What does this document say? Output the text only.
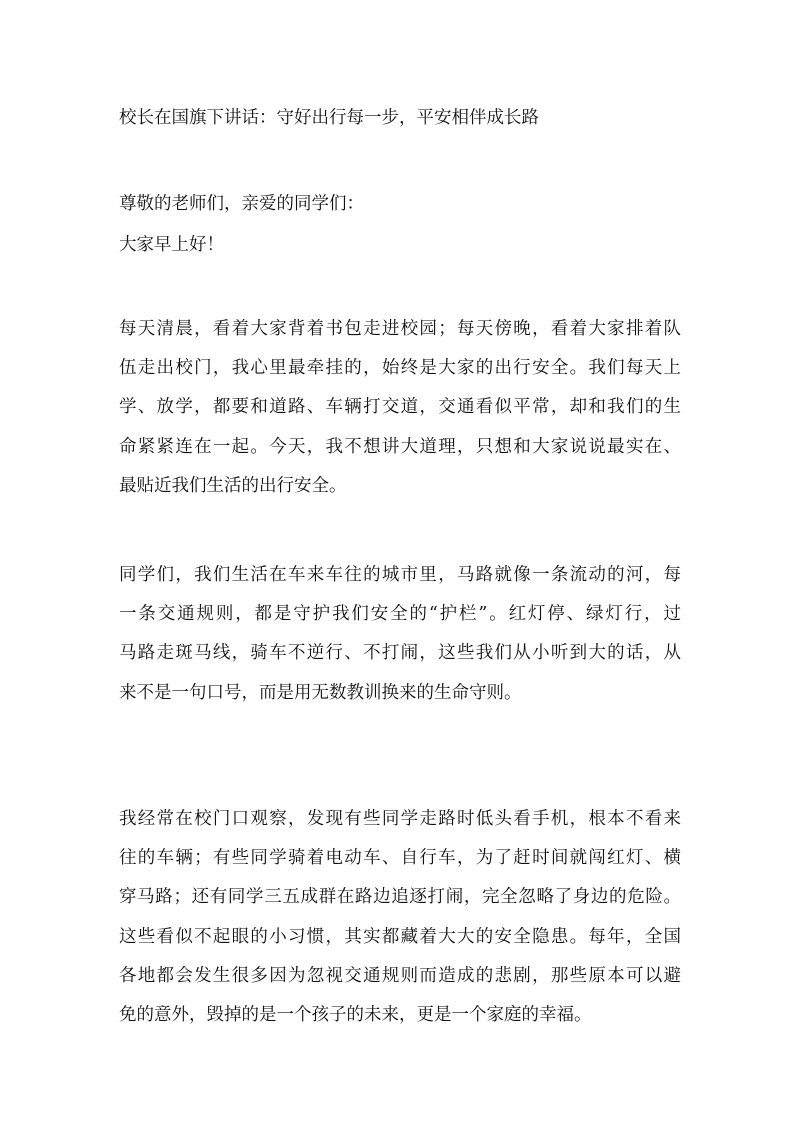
校长在国旗下讲话：守好出行每一步，平安相伴成长路
尊敬的老师们，亲爱的同学们：
大家早上好！
每天清晨，看着大家背着书包走进校园；每天傍晚，看着大家排着队
伍走出校门，我心里最牵挂的，始终是大家的出行安全。我们每天上
学、放学，都要和道路、车辆打交道，交通看似平常，却和我们的生
命紧紧连在一起。今天，我不想讲大道理，只想和大家说说最实在、
最贴近我们生活的出行安全。
同学们，我们生活在车来车往的城市里，马路就像一条流动的河，每
一条交通规则，都是守护我们安全的“护栏”。红灯停、绿灯行，过
马路走斑马线，骑车不逆行、不打闹，这些我们从小听到大的话，从
来不是一句口号，而是用无数教训换来的生命守则。
我经常在校门口观察，发现有些同学走路时低头看手机，根本不看来
往的车辆；有些同学骑着电动车、自行车，为了赶时间就闯红灯、横
穿马路；还有同学三五成群在路边追逐打闹，完全忽略了身边的危险。
这些看似不起眼的小习惯，其实都藏着大大的安全隐患。每年，全国
各地都会发生很多因为忽视交通规则而造成的悲剧，那些原本可以避
免的意外，毁掉的是一个孩子的未来，更是一个家庭的幸福。
